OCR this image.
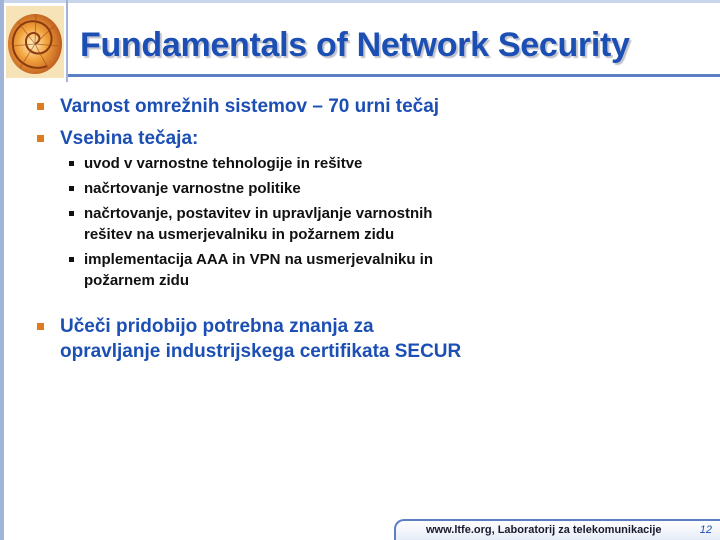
Fundamentals of Network Security
Varnost omrežnih sistemov – 70 urni tečaj
Vsebina tečaja:
uvod v varnostne tehnologije in rešitve
načrtovanje varnostne politike
načrtovanje, postavitev in upravljanje varnostnih rešitev na usmerjevalniku in požarnem zidu
implementacija AAA in VPN na usmerjevalniku in požarnem zidu
Učeči pridobijo potrebna znanja za opravljanje industrijskega certifikata SECUR
www.ltfe.org, Laboratorij za telekomunikacije	12
